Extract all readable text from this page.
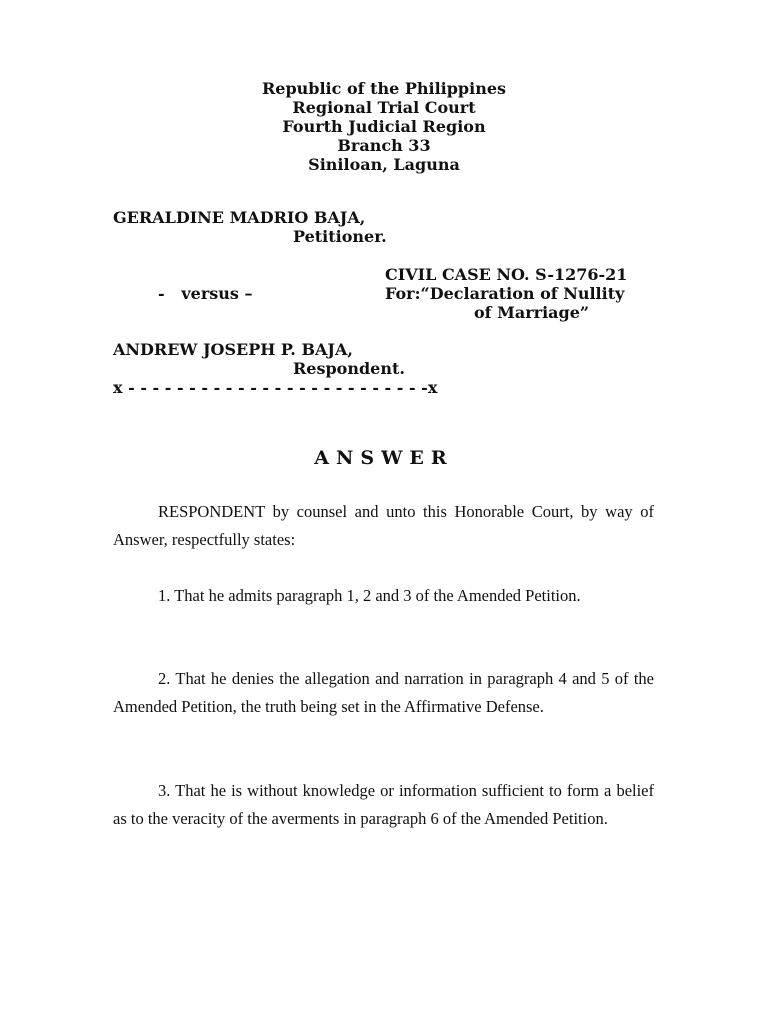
Republic of the Philippines
Regional Trial Court
Fourth Judicial Region
Branch 33
Siniloan, Laguna
GERALDINE MADRIO BAJA,
Petitioner.
CIVIL CASE NO. S-1276-21
-   versus –	For:“Declaration of Nullity
of Marriage”
ANDREW JOSEPH P. BAJA,
Respondent.
x - - - - - - - - - - - - - - - - - - - - - - - - -x
ANSWER
RESPONDENT by counsel and unto this Honorable Court, by way of Answer, respectfully states:
1. That he admits paragraph 1, 2 and 3 of the Amended Petition.
2. That he denies the allegation and narration in paragraph 4 and 5 of the Amended Petition, the truth being set in the Affirmative Defense.
3. That he is without knowledge or information sufficient to form a belief as to the veracity of the averments in paragraph 6 of the Amended Petition.
